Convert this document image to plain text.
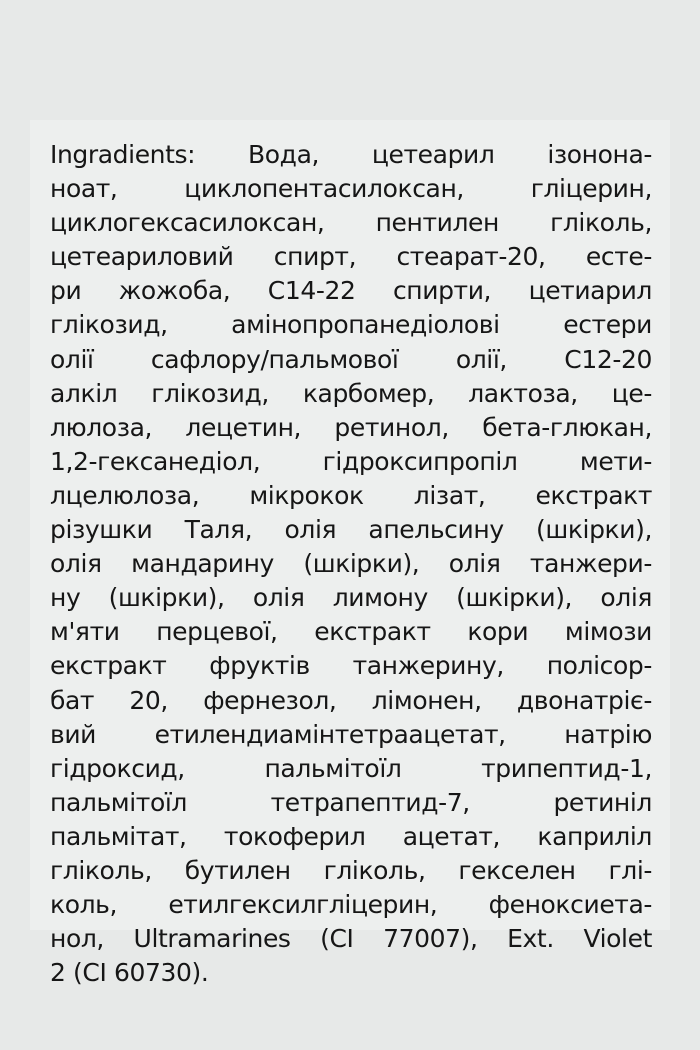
Ingradients: Вода, цетеарил ізононa-
ноат, циклопентасилоксан, гліцерин,
циклогексасилоксан, пентилен гліколь,
цетеариловий спирт, стеарат-20, есте-
ри жожоба, С14-22 спирти, цетиарил
глікозид, амінопропанедіолові естери
олії сафлору/пальмової олії, С12-20
алкіл глікозид, карбомер, лактоза, це-
люлоза, лецетин, ретинол, бета-глюкан,
1,2-гексанедіол, гідроксипропіл мети-
лцелюлоза, мікрокок лізат, екстракт
різушки Таля, олія апельсину (шкірки),
олія мандарину (шкірки), олія танжери-
ну (шкірки), олія лимону (шкірки), олія
м'яти перцевої, екстракт кори мімози
екстракт фруктів танжерину, полісор-
бат 20, фернезол, лімонен, двонатріє-
вий етилендиамінтетраацетат, натрію
гідроксид, пальмітоїл трипептид-1,
пальмітоїл тетрапептид-7, ретиніл
пальмітат, токоферил ацетат, каприліл
гліколь, бутилен гліколь, гекселен глі-
коль, етилгексилгліцерин, феноксиета-
нол, Ultramarines (CI 77007), Ext. Violet
2 (CI 60730).
